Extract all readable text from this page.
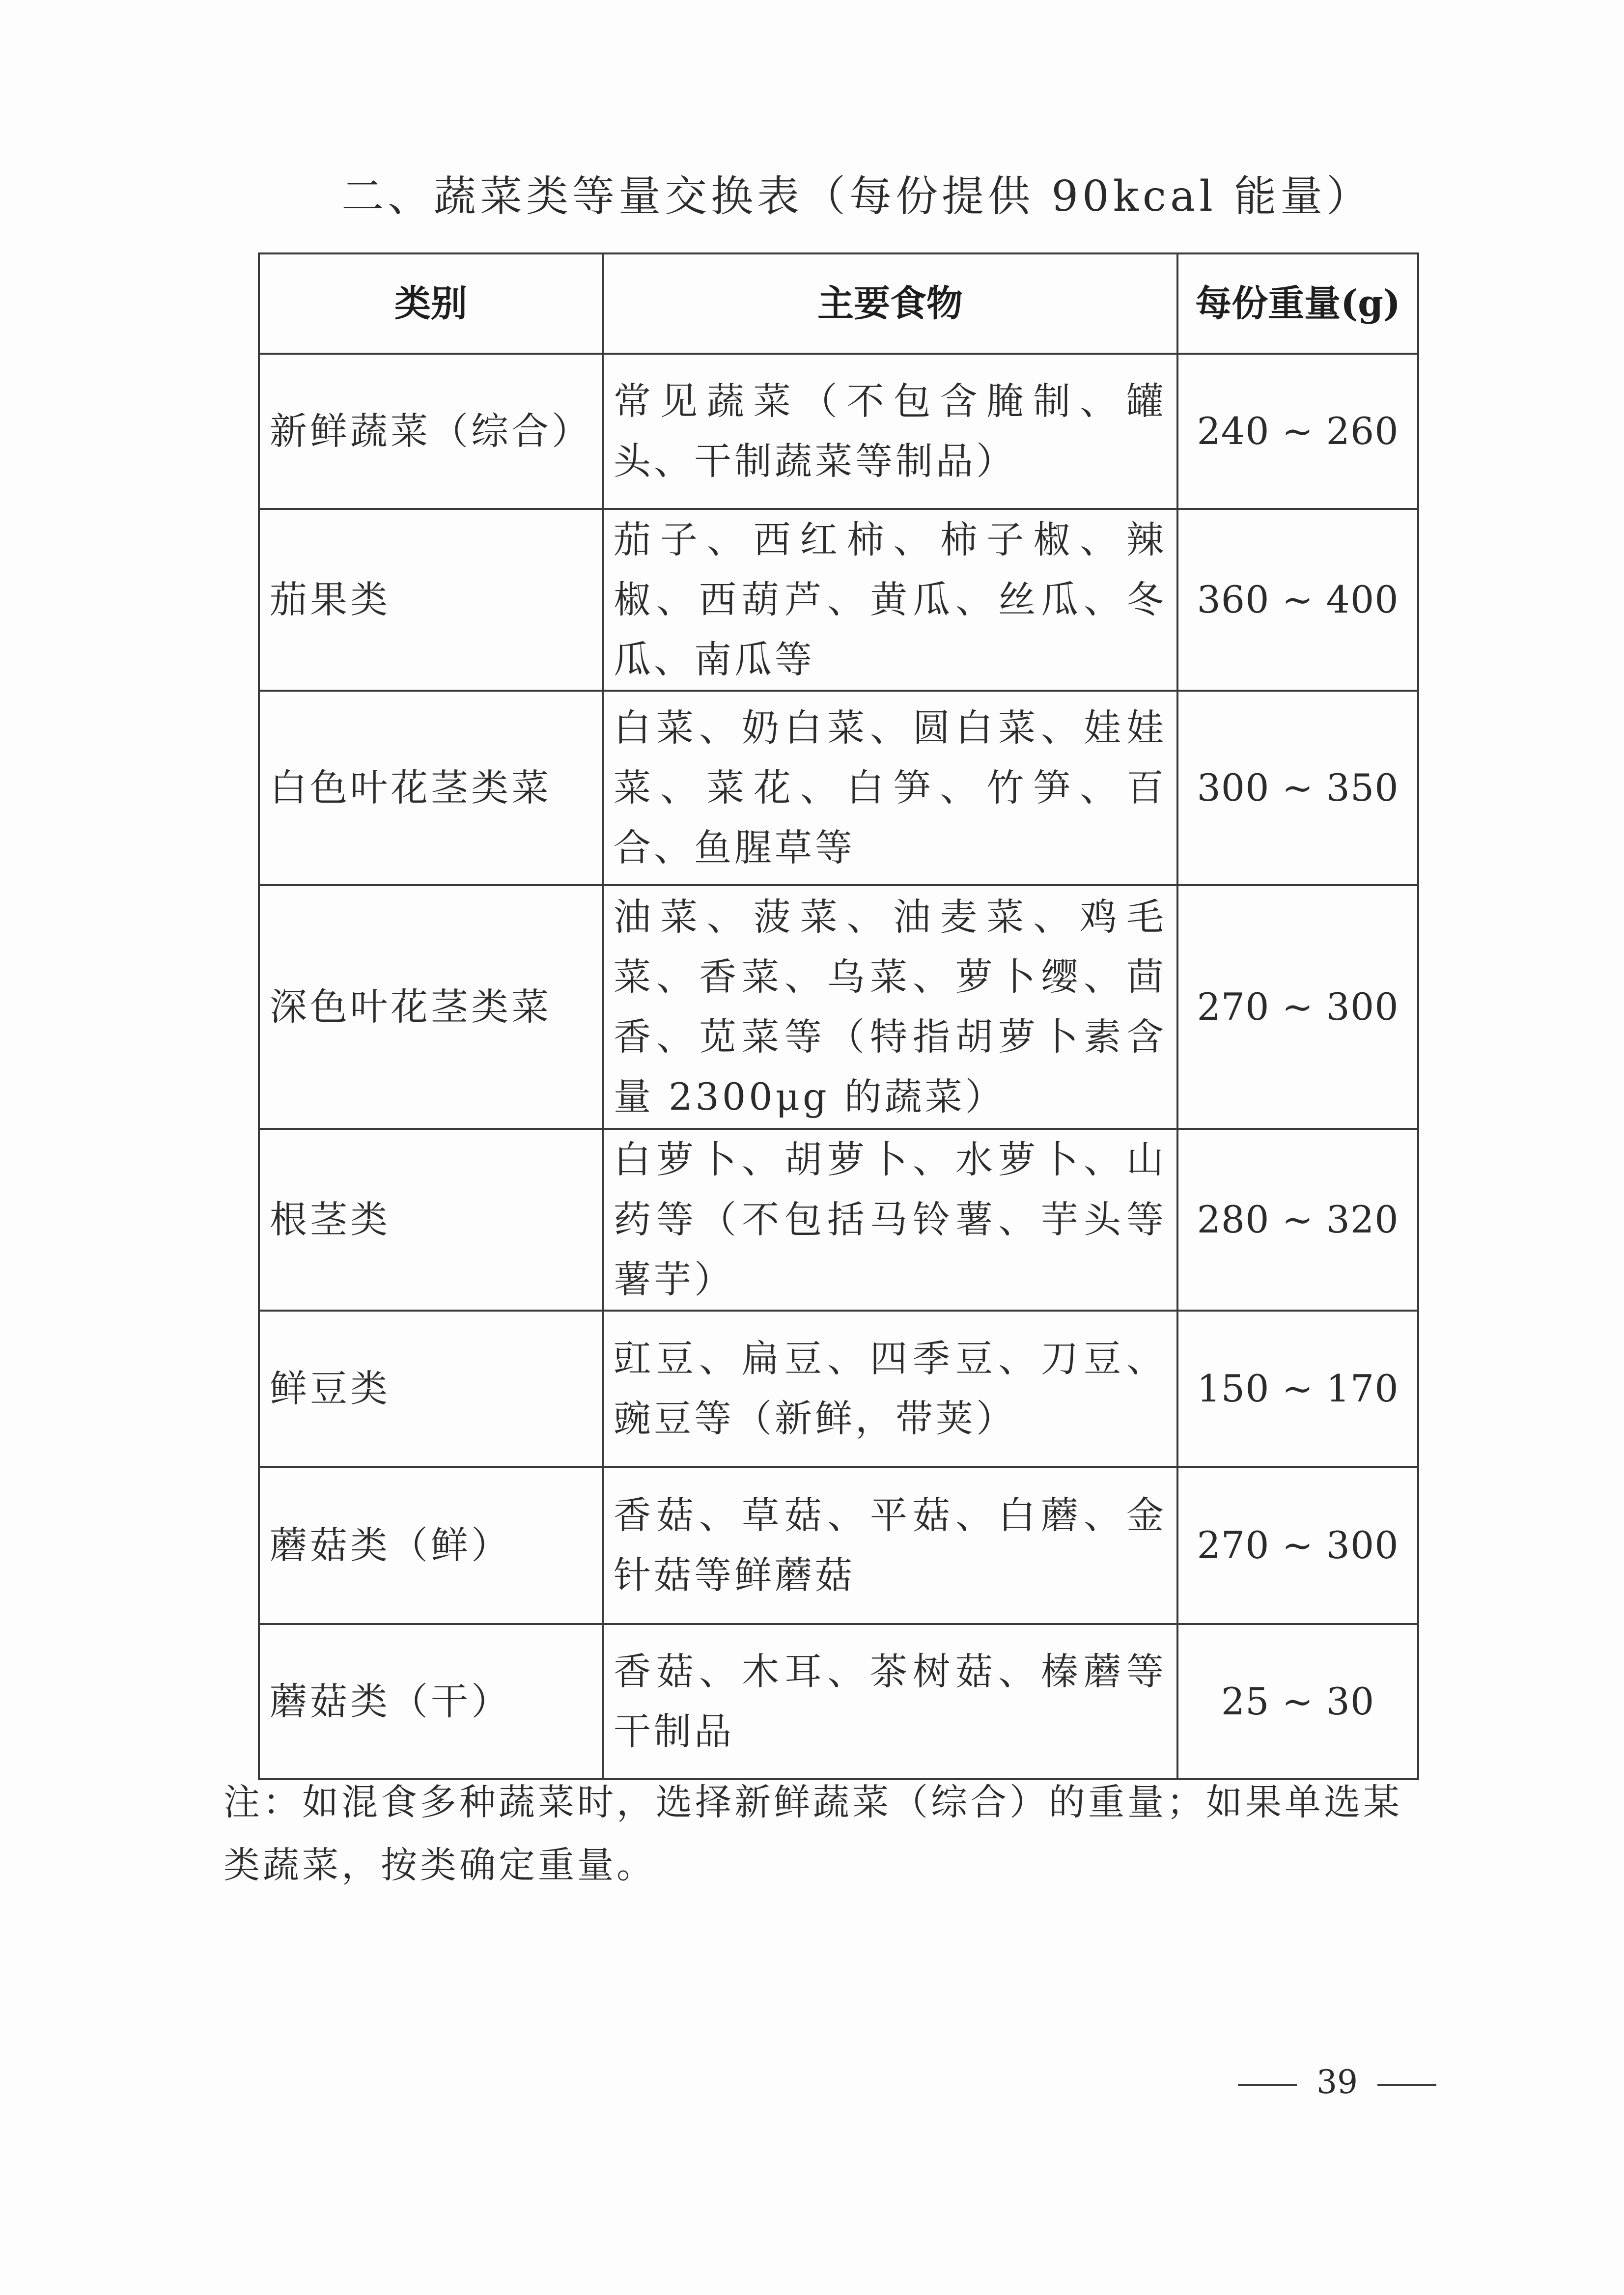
二、蔬菜类等量交换表（每份提供 90kcal 能量）
类别	主要食物	每份重量(g)
新鲜蔬菜（综合）	常见蔬菜（不包含腌制、罐头、干制蔬菜等制品）	240 ~ 260
茄果类	茄子、西红柿、柿子椒、辣椒、西葫芦、黄瓜、丝瓜、冬瓜、南瓜等	360 ~ 400
白色叶花茎类菜	白菜、奶白菜、圆白菜、娃娃菜、菜花、白笋、竹笋、百合、鱼腥草等	300 ~ 350
深色叶花茎类菜	油菜、菠菜、油麦菜、鸡毛菜、香菜、乌菜、萝卜缨、茴香、苋菜等（特指胡萝卜素含量 2300μg 的蔬菜）	270 ~ 300
根茎类	白萝卜、胡萝卜、水萝卜、山药等（不包括马铃薯、芋头等薯芋）	280 ~ 320
鲜豆类	豇豆、扁豆、四季豆、刀豆、豌豆等（新鲜，带荚）	150 ~ 170
蘑菇类（鲜）	香菇、草菇、平菇、白蘑、金针菇等鲜蘑菇	270 ~ 300
蘑菇类（干）	香菇、木耳、茶树菇、榛蘑等干制品	25 ~ 30
注：如混食多种蔬菜时，选择新鲜蔬菜（综合）的重量；如果单选某类蔬菜，按类确定重量。
39
